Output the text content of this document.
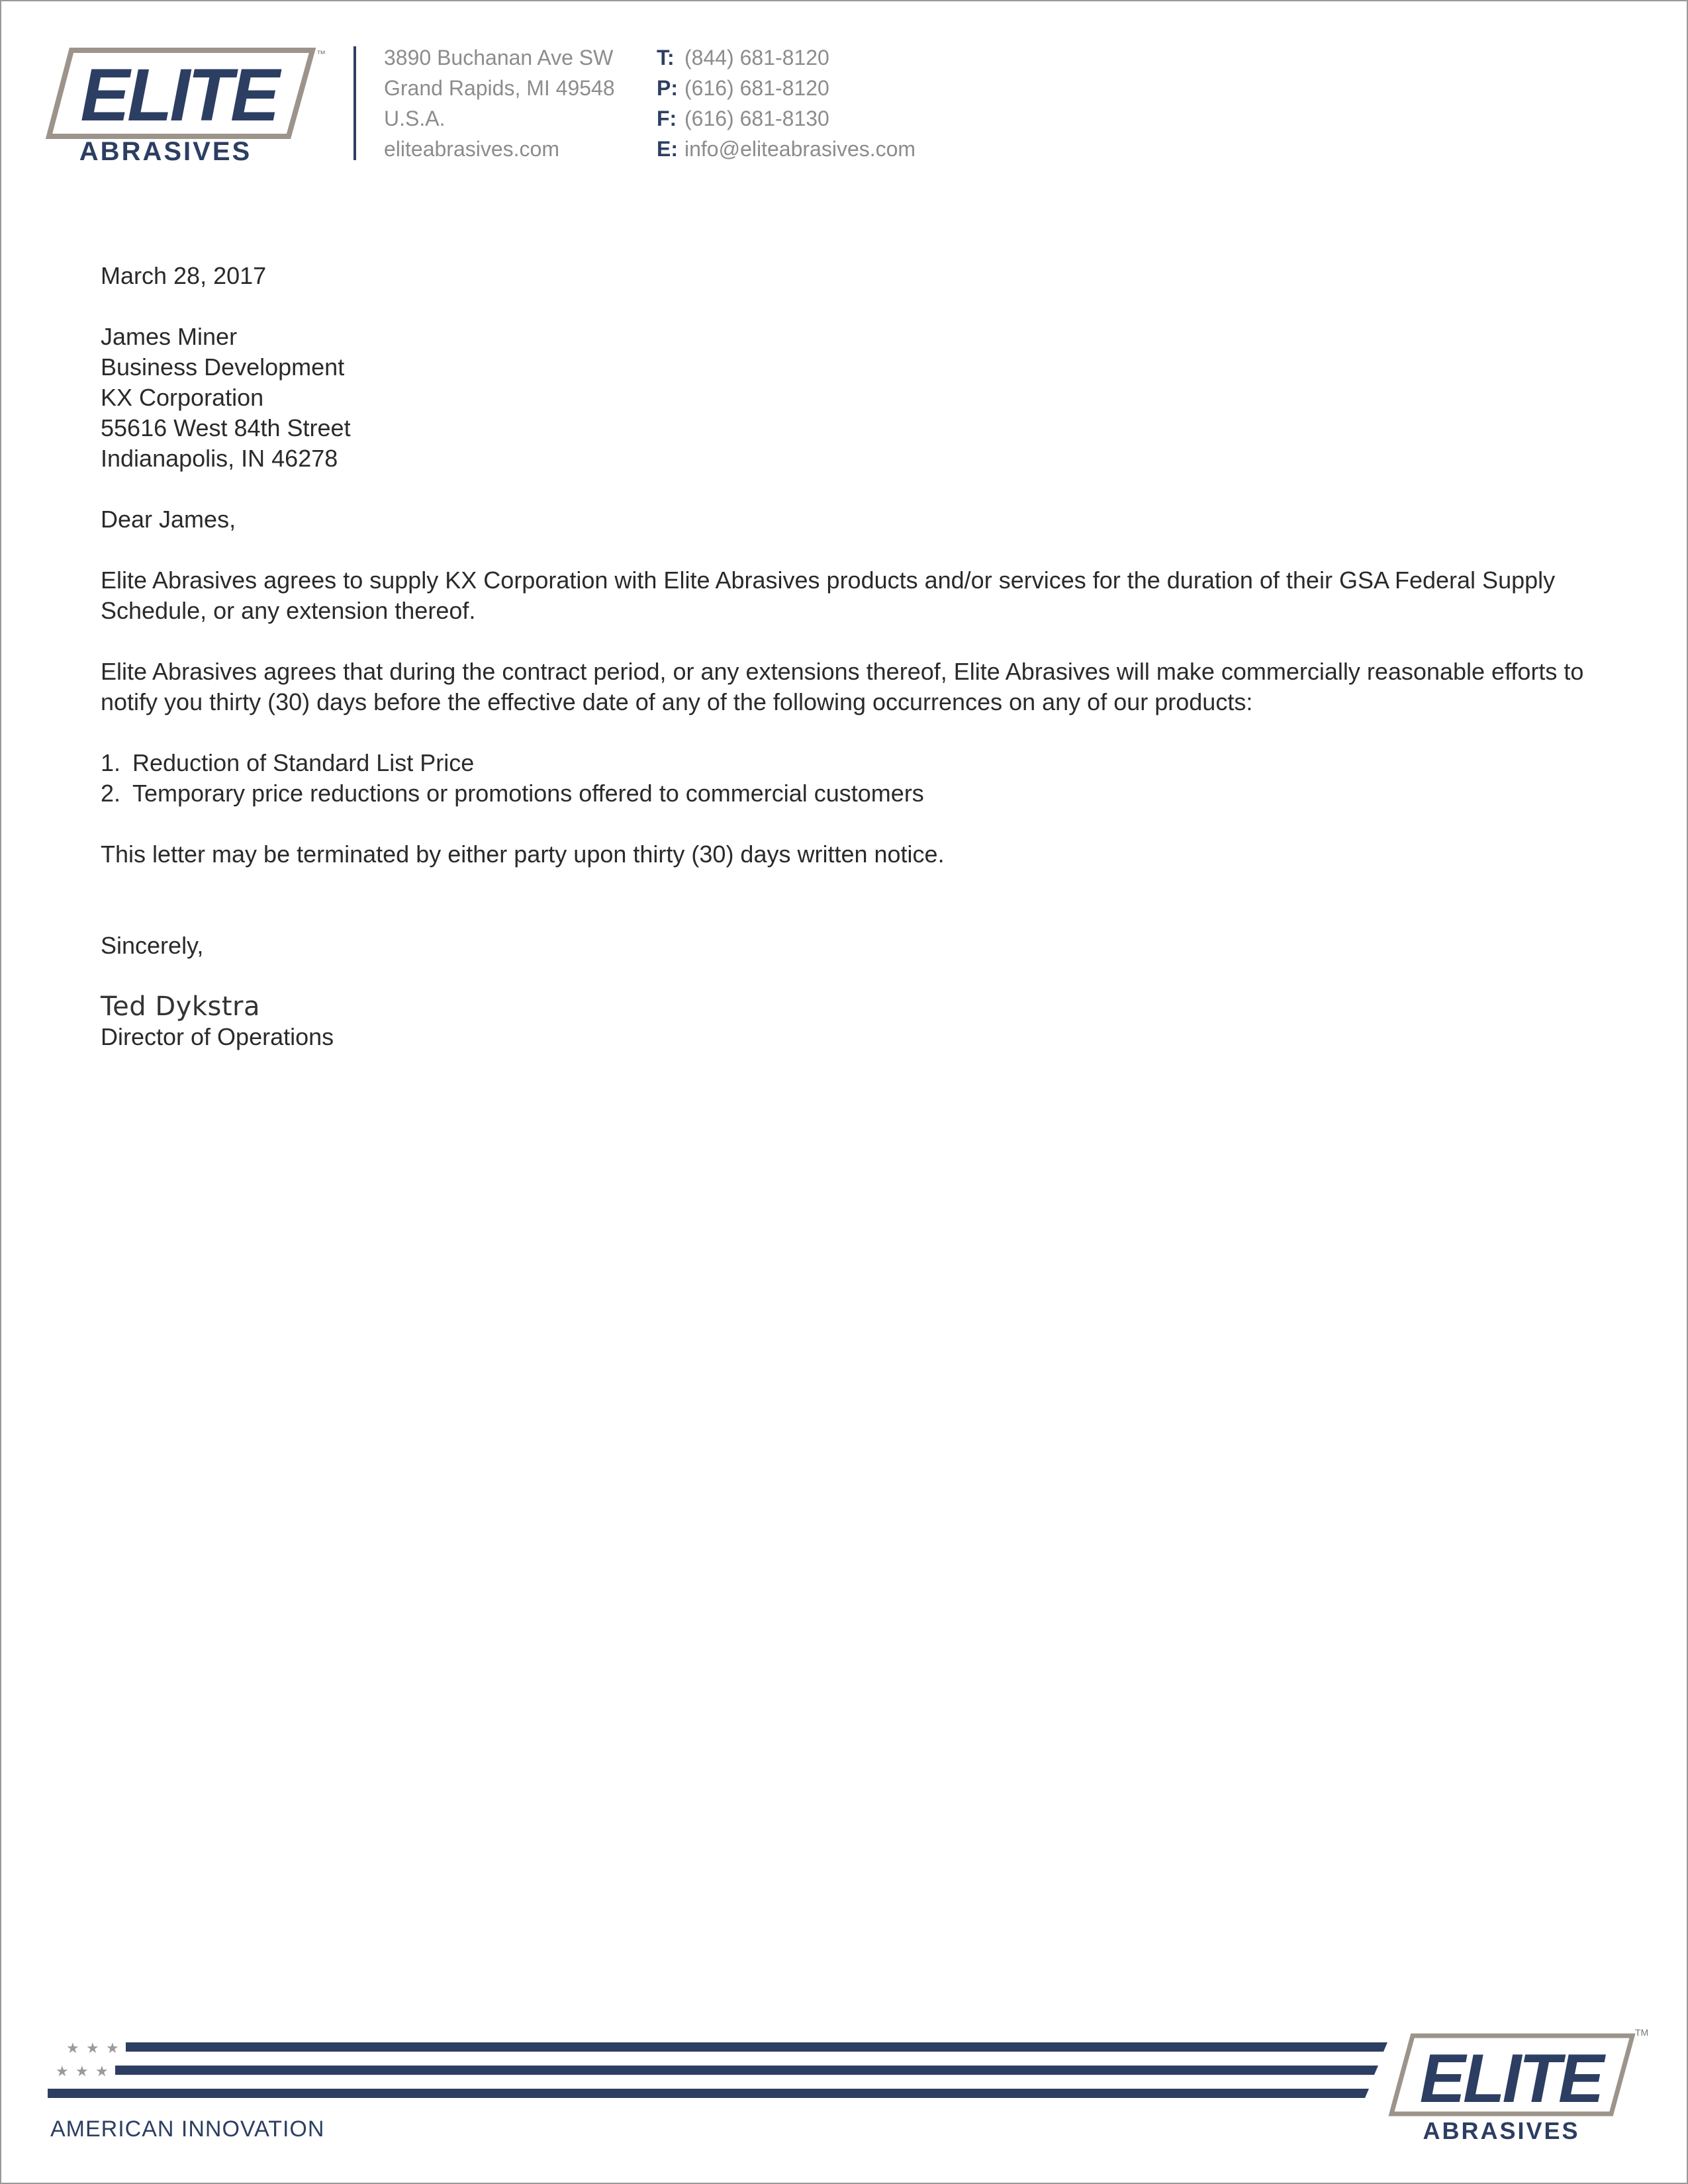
ELITE
ABRASIVES
™	3890 Buchanan Ave SW
Grand Rapids, MI 49548
U.S.A.
eliteabrasives.com
T: (844) 681-8120
P: (616) 681-8120
F: (616) 681-8130
E: info@eliteabrasives.com
March 28, 2017
James Miner
Business Development
KX Corporation
55616 West 84th Street
Indianapolis, IN 46278
Dear James,
Elite Abrasives agrees to supply KX Corporation with Elite Abrasives products and/or services for the duration of their GSA Federal Supply Schedule, or any extension thereof.
Elite Abrasives agrees that during the contract period, or any extensions thereof, Elite Abrasives will make commercially reasonable efforts to notify you thirty (30) days before the effective date of any of the following occurrences on any of our products:
1. Reduction of Standard List Price
2. Temporary price reductions or promotions offered to commercial customers
This letter may be terminated by either party upon thirty (30) days written notice.
Sincerely,
Ted Dykstra
Director of Operations
★ ★ ★
★ ★ ★
AMERICAN INNOVATION
ELITE
ABRASIVES
TM
